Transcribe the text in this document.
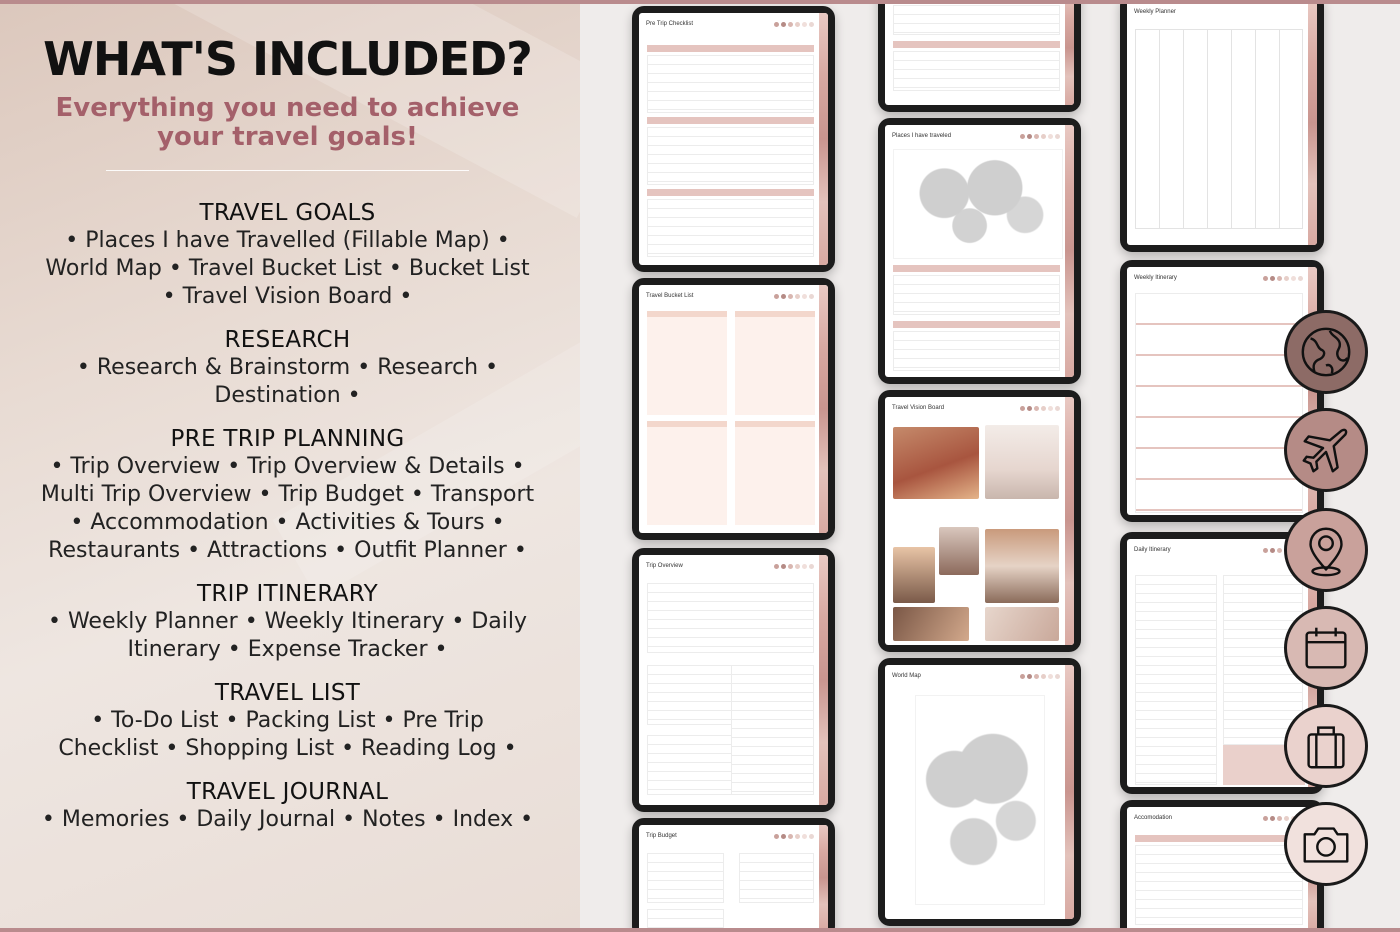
WHAT'S INCLUDED?
Everything you need to achieve your travel goals!
TRAVEL GOALS

• Places I have Travelled (Fillable Map) • World Map • Travel Bucket List • Bucket List • Travel Vision Board •

RESEARCH

• Research & Brainstorm • Research • Destination •

PRE TRIP PLANNING

• Trip Overview • Trip Overview & Details • Multi Trip Overview • Trip Budget • Transport • Accommodation • Activities & Tours • Restaurants • Attractions • Outfit Planner •

TRIP ITINERARY

• Weekly Planner • Weekly Itinerary • Daily Itinerary • Expense Tracker •

TRAVEL LIST

• To-Do List • Packing List • Pre Trip Checklist • Shopping List • Reading Log •

TRAVEL JOURNAL

• Memories • Daily Journal • Notes • Index •

Pre Trip Checklist
Travel Bucket List
Trip Overview
Trip Budget
Places I have traveled
Travel Vision Board
World Map
Weekly Planner
Weekly Itinerary
Daily Itinerary
Accomodation
